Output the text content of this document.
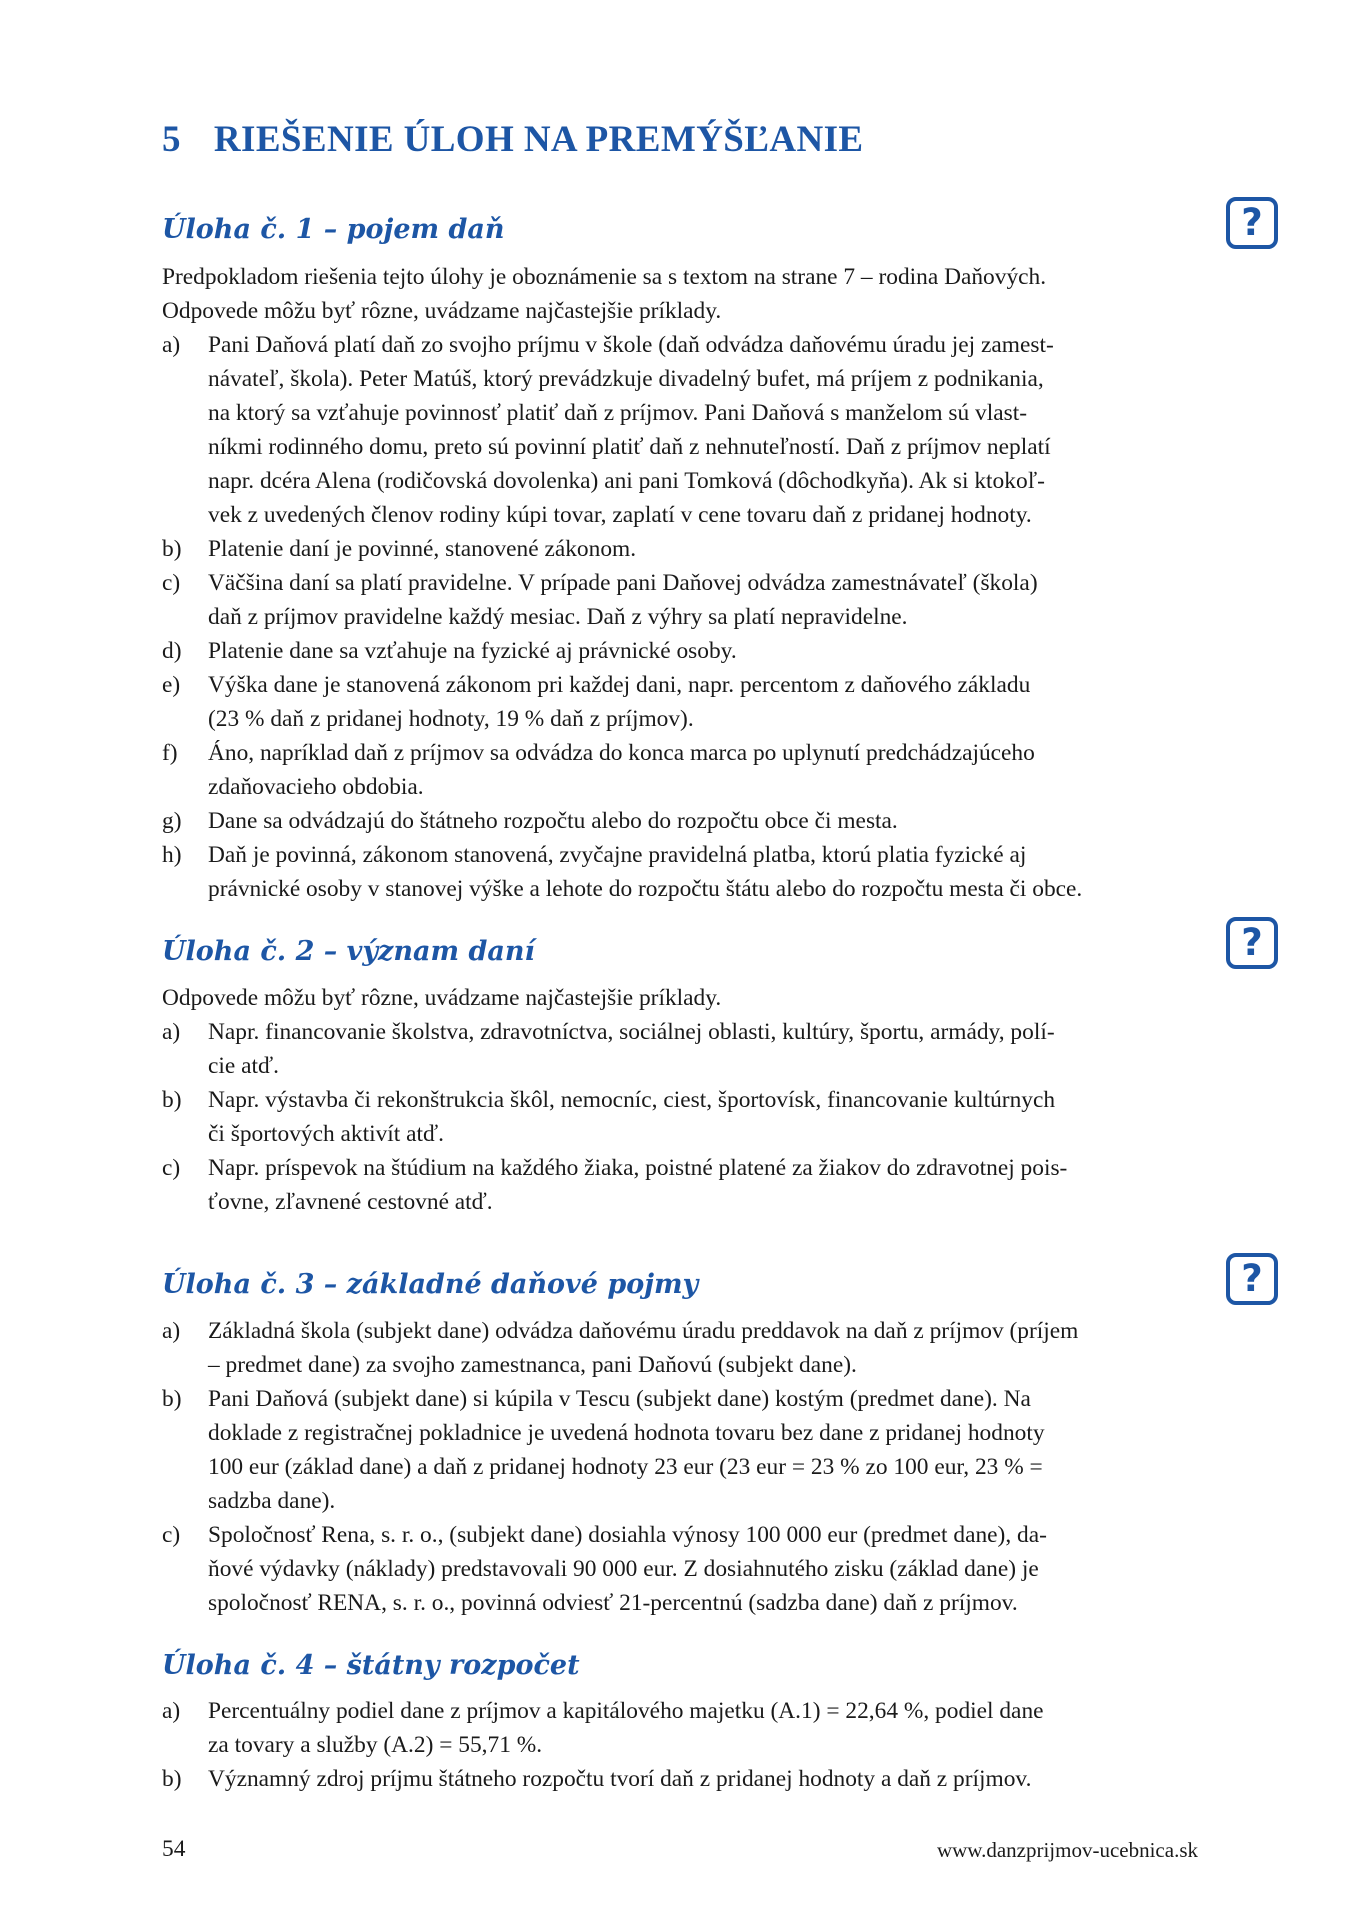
5 RIEŠENIE ÚLOH NA PREMÝŠĽANIE
Úloha č. 1 – pojem daň	?
Predpokladom riešenia tejto úlohy je oboznámenie sa s textom na strane 7 – rodina Daňových.
Odpovede môžu byť rôzne, uvádzame najčastejšie príklady.
a) Pani Daňová platí daň zo svojho príjmu v škole (daň odvádza daňovému úradu jej zamest-
návateľ, škola). Peter Matúš, ktorý prevádzkuje divadelný bufet, má príjem z podnikania,
na ktorý sa vzťahuje povinnosť platiť daň z príjmov. Pani Daňová s manželom sú vlast-
níkmi rodinného domu, preto sú povinní platiť daň z nehnuteľností. Daň z príjmov neplatí
napr. dcéra Alena (rodičovská dovolenka) ani pani Tomková (dôchodkyňa). Ak si ktokoľ-
vek z uvedených členov rodiny kúpi tovar, zaplatí v cene tovaru daň z pridanej hodnoty.
b) Platenie daní je povinné, stanovené zákonom.
c) Väčšina daní sa platí pravidelne. V prípade pani Daňovej odvádza zamestnávateľ (škola)
daň z príjmov pravidelne každý mesiac. Daň z výhry sa platí nepravidelne.
d) Platenie dane sa vzťahuje na fyzické aj právnické osoby.
e) Výška dane je stanovená zákonom pri každej dani, napr. percentom z daňového základu
(23 % daň z pridanej hodnoty, 19 % daň z príjmov).
f) Áno, napríklad daň z príjmov sa odvádza do konca marca po uplynutí predchádzajúceho
zdaňovacieho obdobia.
g) Dane sa odvádzajú do štátneho rozpočtu alebo do rozpočtu obce či mesta.
h) Daň je povinná, zákonom stanovená, zvyčajne pravidelná platba, ktorú platia fyzické aj
právnické osoby v stanovej výške a lehote do rozpočtu štátu alebo do rozpočtu mesta či obce.
Úloha č. 2 – význam daní	?
Odpovede môžu byť rôzne, uvádzame najčastejšie príklady.
a) Napr. financovanie školstva, zdravotníctva, sociálnej oblasti, kultúry, športu, armády, polí-
cie atď.
b) Napr. výstavba či rekonštrukcia škôl, nemocníc, ciest, športovísk, financovanie kultúrnych
či športových aktivít atď.
c) Napr. príspevok na štúdium na každého žiaka, poistné platené za žiakov do zdravotnej pois-
ťovne, zľavnené cestovné atď.
Úloha č. 3 – základné daňové pojmy	?
a) Základná škola (subjekt dane) odvádza daňovému úradu preddavok na daň z príjmov (príjem
– predmet dane) za svojho zamestnanca, pani Daňovú (subjekt dane).
b) Pani Daňová (subjekt dane) si kúpila v Tescu (subjekt dane) kostým (predmet dane). Na
doklade z registračnej pokladnice je uvedená hodnota tovaru bez dane z pridanej hodnoty
100 eur (základ dane) a daň z pridanej hodnoty 23 eur (23 eur = 23 % zo 100 eur, 23 % =
sadzba dane).
c) Spoločnosť Rena, s. r. o., (subjekt dane) dosiahla výnosy 100 000 eur (predmet dane), da-
ňové výdavky (náklady) predstavovali 90 000 eur. Z dosiahnutého zisku (základ dane) je
spoločnosť RENA, s. r. o., povinná odviesť 21-percentnú (sadzba dane) daň z príjmov.
Úloha č. 4 – štátny rozpočet
a) Percentuálny podiel dane z príjmov a kapitálového majetku (A.1) = 22,64 %, podiel dane
za tovary a služby (A.2) = 55,71 %.
b) Významný zdroj príjmu štátneho rozpočtu tvorí daň z pridanej hodnoty a daň z príjmov.
54	www.danzprijmov-ucebnica.sk
